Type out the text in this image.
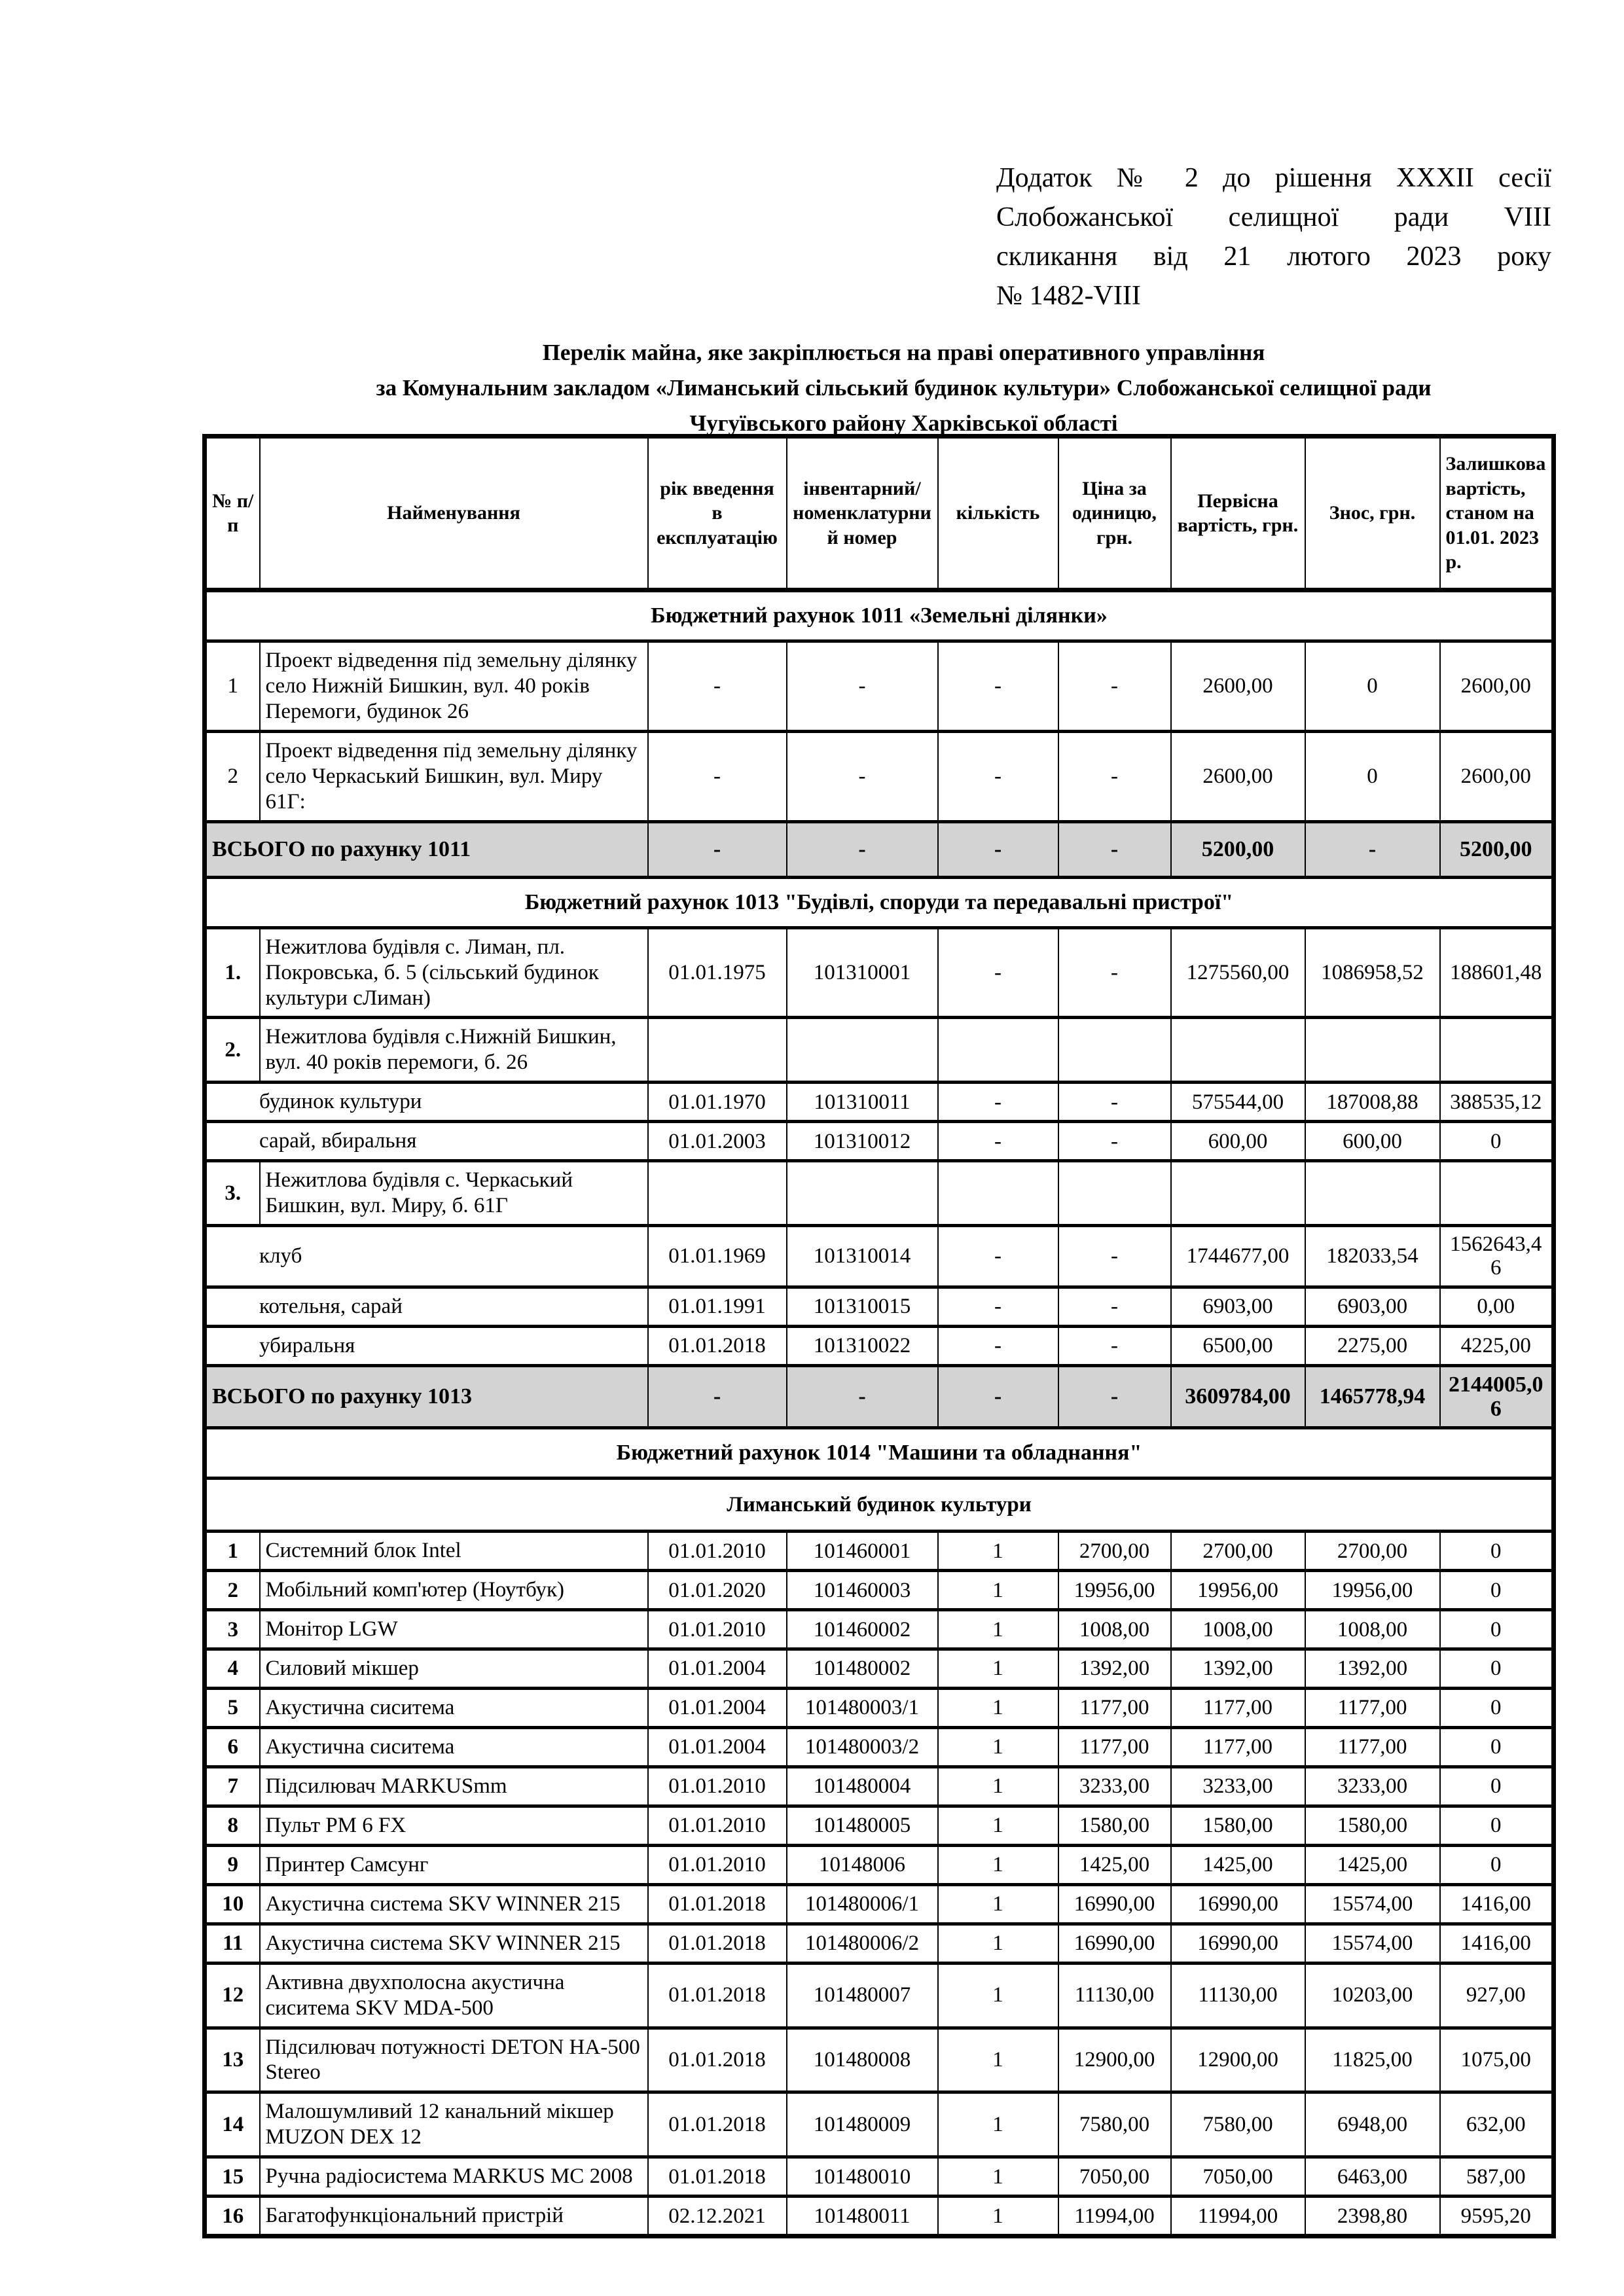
Додаток № 2 до рішення XXXII сесії
Слобожанської селищної ради VIII
скликання від 21 лютого 2023 року
№ 1482-VIII
Перелік майна, яке закріплюється на праві оперативного управління
за Комунальним закладом «Лиманський сільський будинок культури» Слобожанської селищної ради
Чугуївського району Харківської області
№ п/п	Найменування	рік введення в експлуатацію	інвентарний/ номенклатурний номер	кількість	Ціна за одиницю, грн.	Первісна вартість, грн.	Знос, грн.	Залишкова вартість, станом на 01.01. 2023 р.
Бюджетний рахунок 1011 «Земельні ділянки»								
1	Проект відведення під земельну ділянку село Нижній Бишкин, вул. 40 років Перемоги, будинок 26	-	-	-	-	2600,00	0	2600,00
2	Проект відведення під земельну ділянку село Черкаський Бишкин, вул. Миру 61Г:	-	-	-	-	2600,00	0	2600,00
ВСЬОГО по рахунку 1011		-	-	-	-	5200,00	-	5200,00
Бюджетний рахунок 1013 "Будівлі, споруди та передавальні пристрої"								
1.	Нежитлова будівля с. Лиман, пл. Покровська, б. 5 (сільський будинок культури сЛиман)	01.01.1975	101310001	-	-	1275560,00	1086958,52	188601,48
2.	Нежитлова будівля с.Нижній Бишкин, вул. 40 років перемоги, б. 26							
будинок культури		01.01.1970	101310011	-	-	575544,00	187008,88	388535,12
сарай, вбиральня		01.01.2003	101310012	-	-	600,00	600,00	0
3.	Нежитлова будівля с. Черкаський Бишкин, вул. Миру, б. 61Г							
клуб		01.01.1969	101310014	-	-	1744677,00	182033,54	1562643,46
котельня, сарай		01.01.1991	101310015	-	-	6903,00	6903,00	0,00
убиральня		01.01.2018	101310022	-	-	6500,00	2275,00	4225,00
ВСЬОГО по рахунку 1013		-	-	-	-	3609784,00	1465778,94	2144005,06
Бюджетний рахунок 1014 "Машини та обладнання"								
Лиманський будинок культури								
1	Системний блок Intel	01.01.2010	101460001	1	2700,00	2700,00	2700,00	0
2	Мобільний комп'ютер (Ноутбук)	01.01.2020	101460003	1	19956,00	19956,00	19956,00	0
3	Монітор LGW	01.01.2010	101460002	1	1008,00	1008,00	1008,00	0
4	Силовий мікшер	01.01.2004	101480002	1	1392,00	1392,00	1392,00	0
5	Акустична сиситема	01.01.2004	101480003/1	1	1177,00	1177,00	1177,00	0
6	Акустична сиситема	01.01.2004	101480003/2	1	1177,00	1177,00	1177,00	0
7	Підсилювач MARKUSmm	01.01.2010	101480004	1	3233,00	3233,00	3233,00	0
8	Пульт РМ 6 FX	01.01.2010	101480005	1	1580,00	1580,00	1580,00	0
9	Принтер Самсунг	01.01.2010	10148006	1	1425,00	1425,00	1425,00	0
10	Акустична система SKV WINNER 215	01.01.2018	101480006/1	1	16990,00	16990,00	15574,00	1416,00
11	Акустична система SKV WINNER 215	01.01.2018	101480006/2	1	16990,00	16990,00	15574,00	1416,00
12	Активна двухполосна акустична сиситема SKV MDA-500	01.01.2018	101480007	1	11130,00	11130,00	10203,00	927,00
13	Підсилювач потужності DETON HA-500 Stereo	01.01.2018	101480008	1	12900,00	12900,00	11825,00	1075,00
14	Малошумливий 12 канальний мікшер MUZON DEX 12	01.01.2018	101480009	1	7580,00	7580,00	6948,00	632,00
15	Ручна радіосистема MARKUS MC 2008	01.01.2018	101480010	1	7050,00	7050,00	6463,00	587,00
16	Багатофункціональний пристрій	02.12.2021	101480011	1	11994,00	11994,00	2398,80	9595,20
